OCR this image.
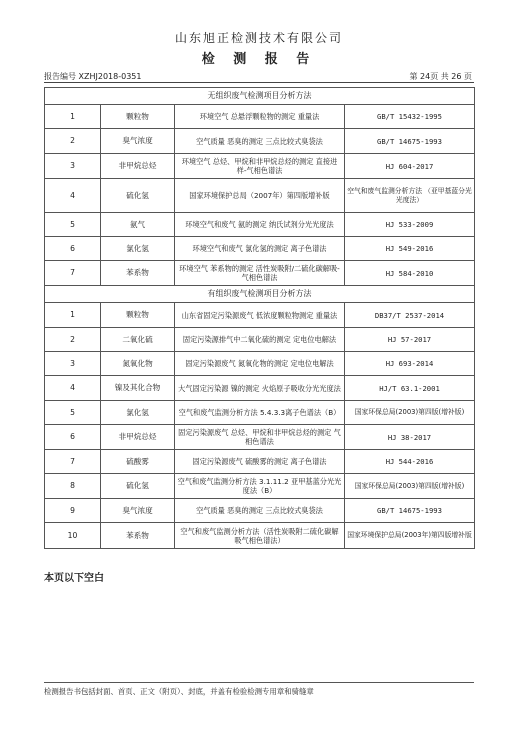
山东旭正检测技术有限公司
检 测 报 告
报告编号 XZHJ2018-0351	第 24页 共 26 页
无组织废气检测项目分析方法			
1	颗粒物	环境空气 总悬浮颗粒物的测定 重量法	GB/T 15432-1995
2	臭气浓度	空气质量 恶臭的测定 三点比较式臭袋法	GB/T 14675-1993
3	非甲烷总烃	环境空气 总烃、甲烷和非甲烷总烃的测定 直接进样-气相色谱法	HJ 604-2017
4	硫化氢	国家环境保护总局（2007年）第四版增补版	空气和废气监测分析方法 （亚甲基蓝分光光度法）
5	氨气	环境空气和废气 氨的测定 纳氏试剂分光光度法	HJ 533-2009
6	氯化氢	环境空气和废气 氯化氢的测定 离子色谱法	HJ 549-2016
7	苯系物	环境空气 苯系物的测定 活性炭吸附/二硫化碳解吸-气相色谱法	HJ 584-2010
有组织废气检测项目分析方法			
1	颗粒物	山东省固定污染源废气 低浓度颗粒物测定 重量法	DB37/T 2537-2014
2	二氧化硫	固定污染源排气中二氧化硫的测定 定电位电解法	HJ 57-2017
3	氮氧化物	固定污染源废气 氮氧化物的测定 定电位电解法	HJ 693-2014
4	镍及其化合物	大气固定污染源 镍的测定 火焰原子吸收分光光度法	HJ/T 63.1-2001
5	氯化氢	空气和废气监测分析方法 5.4.3.3离子色谱法（B）	国家环保总局(2003)第四版(增补版)
6	非甲烷总烃	固定污染源废气 总烃、甲烷和非甲烷总烃的测定 气相色谱法	HJ 38-2017
7	硫酸雾	固定污染源废气 硫酸雾的测定 离子色谱法	HJ 544-2016
8	硫化氢	空气和废气监测分析方法 3.1.11.2 亚甲基蓝分光光度法（B）	国家环保总局(2003)第四版(增补版)
9	臭气浓度	空气质量 恶臭的测定 三点比较式臭袋法	GB/T 14675-1993
10	苯系物	空气和废气监测分析方法（活性炭吸附二硫化碳解吸气相色谱法）	国家环境保护总局(2003年)第四版增补版
本页以下空白
检测报告书包括封面、首页、正文（附页）、封底，并盖有检验检测专用章和骑缝章
